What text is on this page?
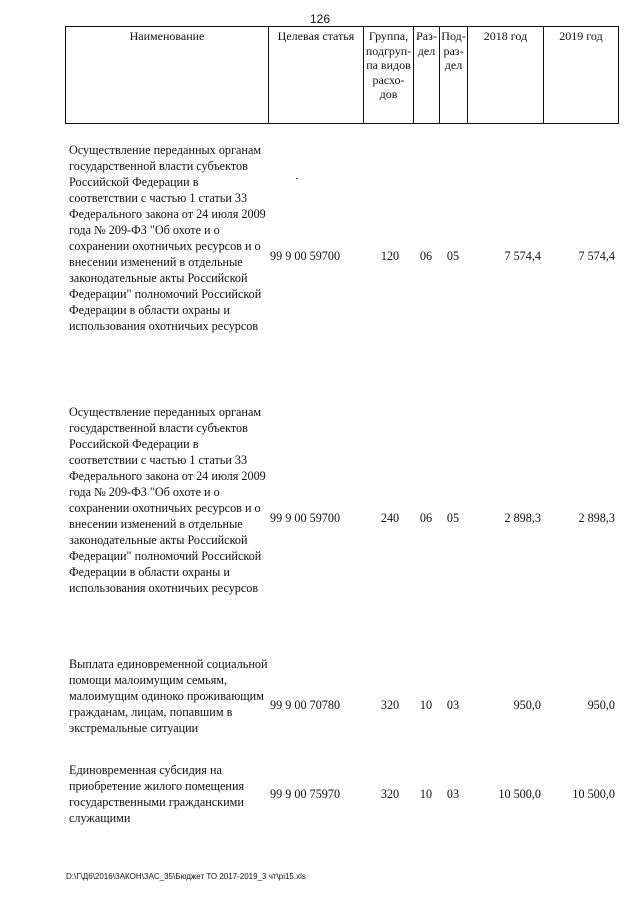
126
Наименование	Целевая статья	Группа, подгруп-па видов расхо-дов	Раз-дел	Под-раз-дел	2018 год	2019 год
Осуществление переданных органам государственной власти субъектов Российской Федерации в соответствии с частью 1 статьи 33 Федерального закона от 24 июля 2009 года № 209-ФЗ "Об охоте и о сохранении охотничьих ресурсов и о внесении изменений в отдельные законодательные акты Российской Федерации" полномочий Российской Федерации в области охраны и использования охотничьих ресурсов
99 9 00 59700	120	06	05	7 574,4	7 574,4
Осуществление переданных органам государственной власти субъектов Российской Федерации в соответствии с частью 1 статьи 33 Федерального закона от 24 июля 2009 года № 209-ФЗ "Об охоте и о сохранении охотничьих ресурсов и о внесении изменений в отдельные законодательные акты Российской Федерации" полномочий Российской Федерации в области охраны и использования охотничьих ресурсов
99 9 00 59700	240	06	05	2 898,3	2 898,3
Выплата единовременной социальной помощи малоимущим семьям, малоимущим одиноко проживающим гражданам, лицам, попавшим в экстремальные ситуации
99 9 00 70780	320	10	03	950,0	950,0
Единовременная субсидия на приобретение жилого помещения государственными гражданскими служащими
99 9 00 75970	320	10	03	10 500,0	10 500,0
D:\Г\Д6\2016\ЗАКОН\ЗАС_35\Бюджет ТО 2017-2019_3 чт\рі15.xls
